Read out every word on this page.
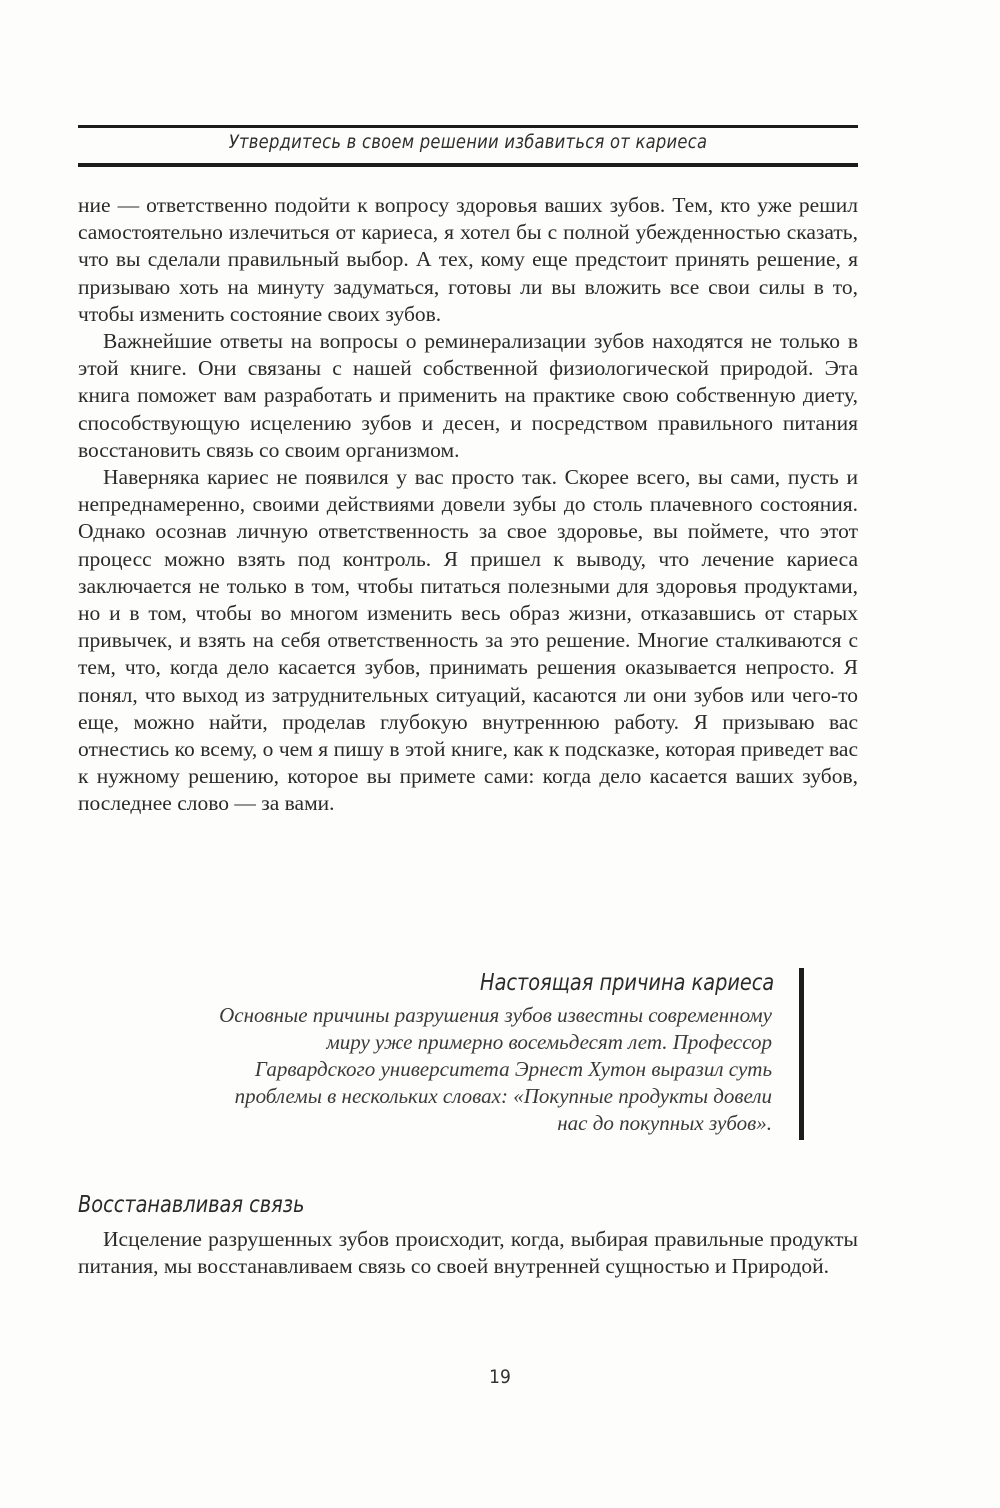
Утвердитесь в своем решении избавиться от кариеса

ние — ответственно подойти к вопросу здоровья ваших зубов. Тем, кто уже решил самостоятельно излечиться от кариеса, я хотел бы с полной убежденностью сказать, что вы сделали правильный выбор. А тех, кому еще предстоит принять решение, я призываю хоть на минуту задуматься, готовы ли вы вложить все свои силы в то, чтобы изменить состояние своих зубов.

Важнейшие ответы на вопросы о реминерализации зубов находятся не только в этой книге. Они связаны с нашей собственной физиологической природой. Эта книга поможет вам разработать и применить на практике свою собственную диету, способствующую исцелению зубов и десен, и посредством правильного питания восстановить связь со своим организмом.

Наверняка кариес не появился у вас просто так. Скорее всего, вы сами, пусть и непреднамеренно, своими действиями довели зубы до столь плачевного состояния. Однако осознав личную ответственность за свое здоровье, вы поймете, что этот процесс можно взять под контроль. Я пришел к выводу, что лечение кариеса заключается не только в том, чтобы питаться полезными для здоровья продуктами, но и в том, чтобы во многом изменить весь образ жизни, отказавшись от старых привычек, и взять на себя ответственность за это решение. Многие сталкиваются с тем, что, когда дело касается зубов, принимать решения оказывается непросто. Я понял, что выход из затруднительных ситуаций, касаются ли они зубов или чего-то еще, можно найти, проделав глубокую внутреннюю работу. Я призываю вас отнестись ко всему, о чем я пишу в этой книге, как к подсказке, которая приведет вас к нужному решению, которое вы примете сами: когда дело касается ваших зубов, последнее слово — за вами.

Настоящая причина кариеса
Основные причины разрушения зубов известны современному миру уже примерно восемьдесят лет. Профессор Гарвардского университета Эрнест Хутон выразил суть проблемы в нескольких словах: «Покупные продукты довели нас до покупных зубов».
Восстанавливая связь

Исцеление разрушенных зубов происходит, когда, выбирая правильные продукты питания, мы восстанавливаем связь со своей внутренней сущностью и Природой.

19
